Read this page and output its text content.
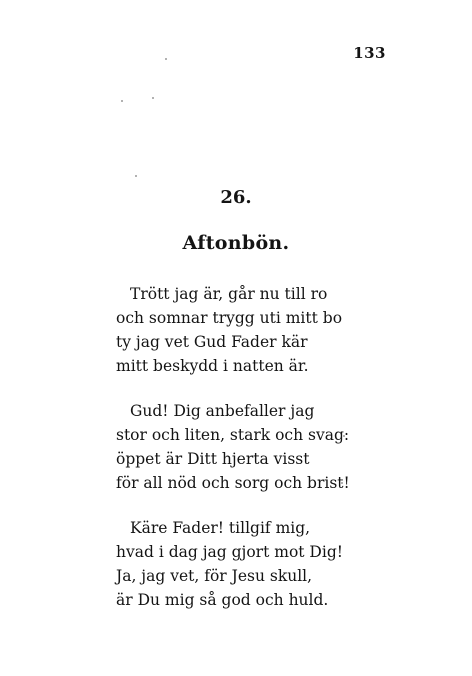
133
26.
Aftonbön.
Trött jag är, går nu till ro
och somnar trygg uti mitt bo
ty jag vet Gud Fader kär
mitt beskydd i natten är.
Gud! Dig anbefaller jag
stor och liten, stark och svag:
öppet är Ditt hjerta visst
för all nöd och sorg och brist!
Käre Fader! tillgif mig,
hvad i dag jag gjort mot Dig!
Ja, jag vet, för Jesu skull,
är Du mig så god och huld.
